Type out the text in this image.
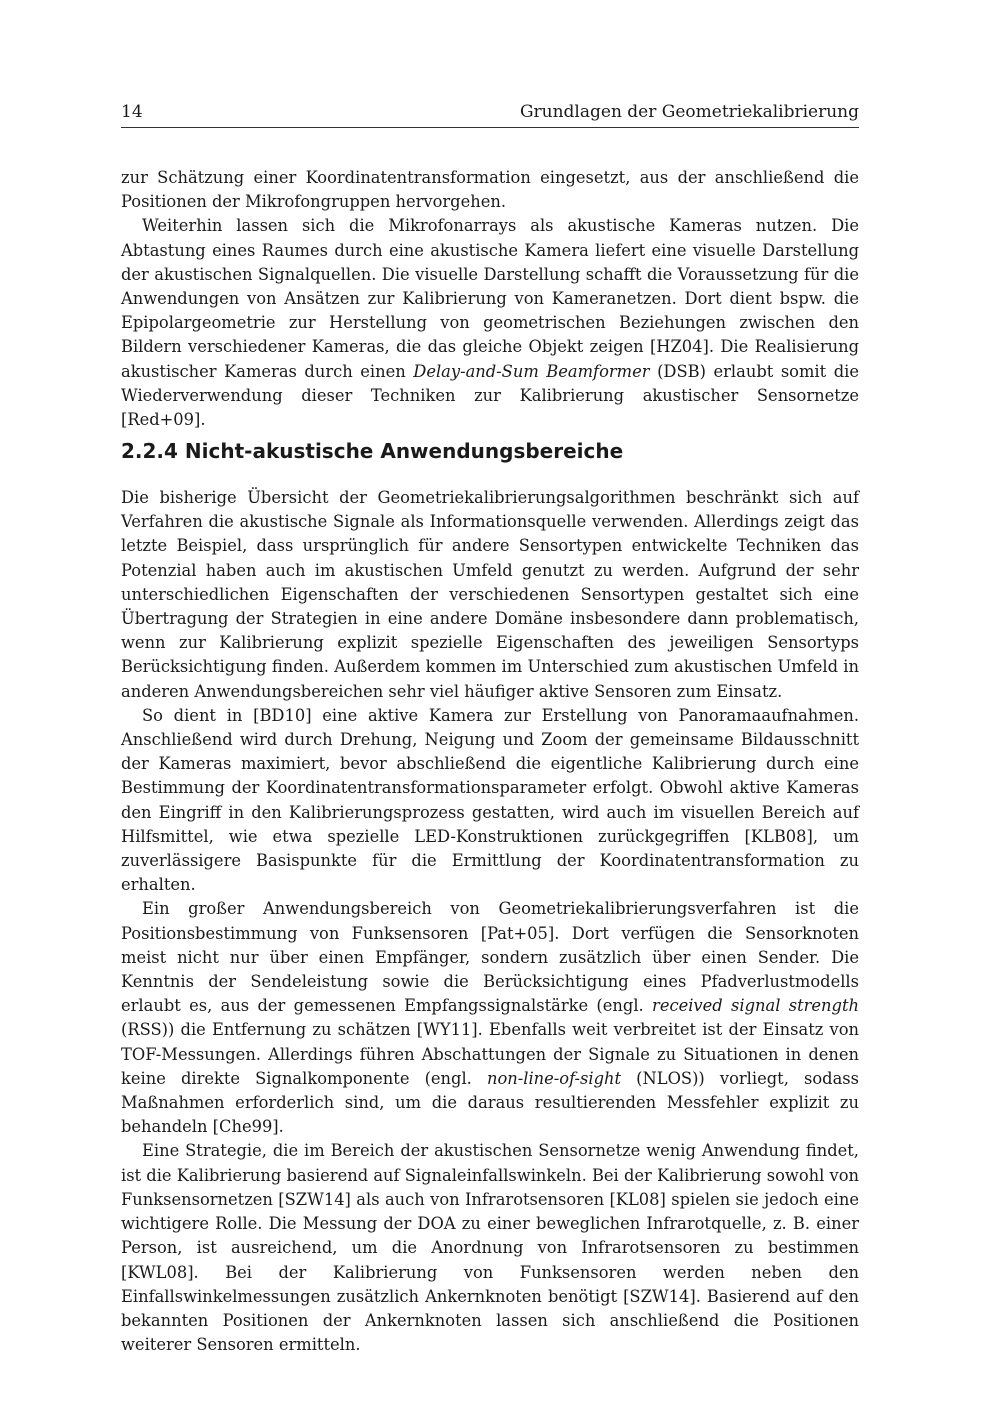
14	Grundlagen der Geometriekalibrierung

zur Schätzung einer Koordinatentransformation eingesetzt, aus der anschließend die Positionen der Mikrofongruppen hervorgehen.

Weiterhin lassen sich die Mikrofonarrays als akustische Kameras nutzen. Die Abtastung eines Raumes durch eine akustische Kamera liefert eine visuelle Darstellung der akustischen Signalquellen. Die visuelle Darstellung schafft die Voraussetzung für die Anwendungen von Ansätzen zur Kalibrierung von Kameranetzen. Dort dient bspw. die Epipolargeometrie zur Herstellung von geometrischen Beziehungen zwischen den Bildern verschiedener Kameras, die das gleiche Objekt zeigen [HZ04]. Die Realisierung akustischer Kameras durch einen Delay-and-Sum Beamformer (DSB) erlaubt somit die Wiederverwendung dieser Techniken zur Kalibrierung akustischer Sensornetze [Red+09].

2.2.4 Nicht-akustische Anwendungsbereiche

Die bisherige Übersicht der Geometriekalibrierungsalgorithmen beschränkt sich auf Verfahren die akustische Signale als Informationsquelle verwenden. Allerdings zeigt das letzte Beispiel, dass ursprünglich für andere Sensortypen entwickelte Techniken das Potenzial haben auch im akustischen Umfeld genutzt zu werden. Aufgrund der sehr unterschiedlichen Eigenschaften der verschiedenen Sensortypen gestaltet sich eine Übertragung der Strategien in eine andere Domäne insbesondere dann problematisch, wenn zur Kalibrierung explizit spezielle Eigenschaften des jeweiligen Sensortyps Berücksichtigung finden. Außerdem kommen im Unterschied zum akustischen Umfeld in anderen Anwendungsbereichen sehr viel häufiger aktive Sensoren zum Einsatz.

So dient in [BD10] eine aktive Kamera zur Erstellung von Panoramaaufnahmen. Anschließend wird durch Drehung, Neigung und Zoom der gemeinsame Bildausschnitt der Kameras maximiert, bevor abschließend die eigentliche Kalibrierung durch eine Bestimmung der Koordinatentransformationsparameter erfolgt. Obwohl aktive Kameras den Eingriff in den Kalibrierungsprozess gestatten, wird auch im visuellen Bereich auf Hilfsmittel, wie etwa spezielle LED-Konstruktionen zurückgegriffen [KLB08], um zuverlässigere Basispunkte für die Ermittlung der Koordinatentransformation zu erhalten.

Ein großer Anwendungsbereich von Geometriekalibrierungsverfahren ist die Positionsbestimmung von Funksensoren [Pat+05]. Dort verfügen die Sensorknoten meist nicht nur über einen Empfänger, sondern zusätzlich über einen Sender. Die Kenntnis der Sendeleistung sowie die Berücksichtigung eines Pfadverlustmodells erlaubt es, aus der gemessenen Empfangssignalstärke (engl. received signal strength (RSS)) die Entfernung zu schätzen [WY11]. Ebenfalls weit verbreitet ist der Einsatz von TOF-Messungen. Allerdings führen Abschattungen der Signale zu Situationen in denen keine direkte Signalkomponente (engl. non-line-of-sight (NLOS)) vorliegt, sodass Maßnahmen erforderlich sind, um die daraus resultierenden Messfehler explizit zu behandeln [Che99].

Eine Strategie, die im Bereich der akustischen Sensornetze wenig Anwendung findet, ist die Kalibrierung basierend auf Signaleinfallswinkeln. Bei der Kalibrierung sowohl von Funksensornetzen [SZW14] als auch von Infrarotsensoren [KL08] spielen sie jedoch eine wichtigere Rolle. Die Messung der DOA zu einer beweglichen Infrarotquelle, z. B. einer Person, ist ausreichend, um die Anordnung von Infrarotsensoren zu bestimmen [KWL08]. Bei der Kalibrierung von Funksensoren werden neben den Einfallswinkelmessungen zusätzlich Ankernknoten benötigt [SZW14]. Basierend auf den bekannten Positionen der Ankernknoten lassen sich anschließend die Positionen weiterer Sensoren ermitteln.
